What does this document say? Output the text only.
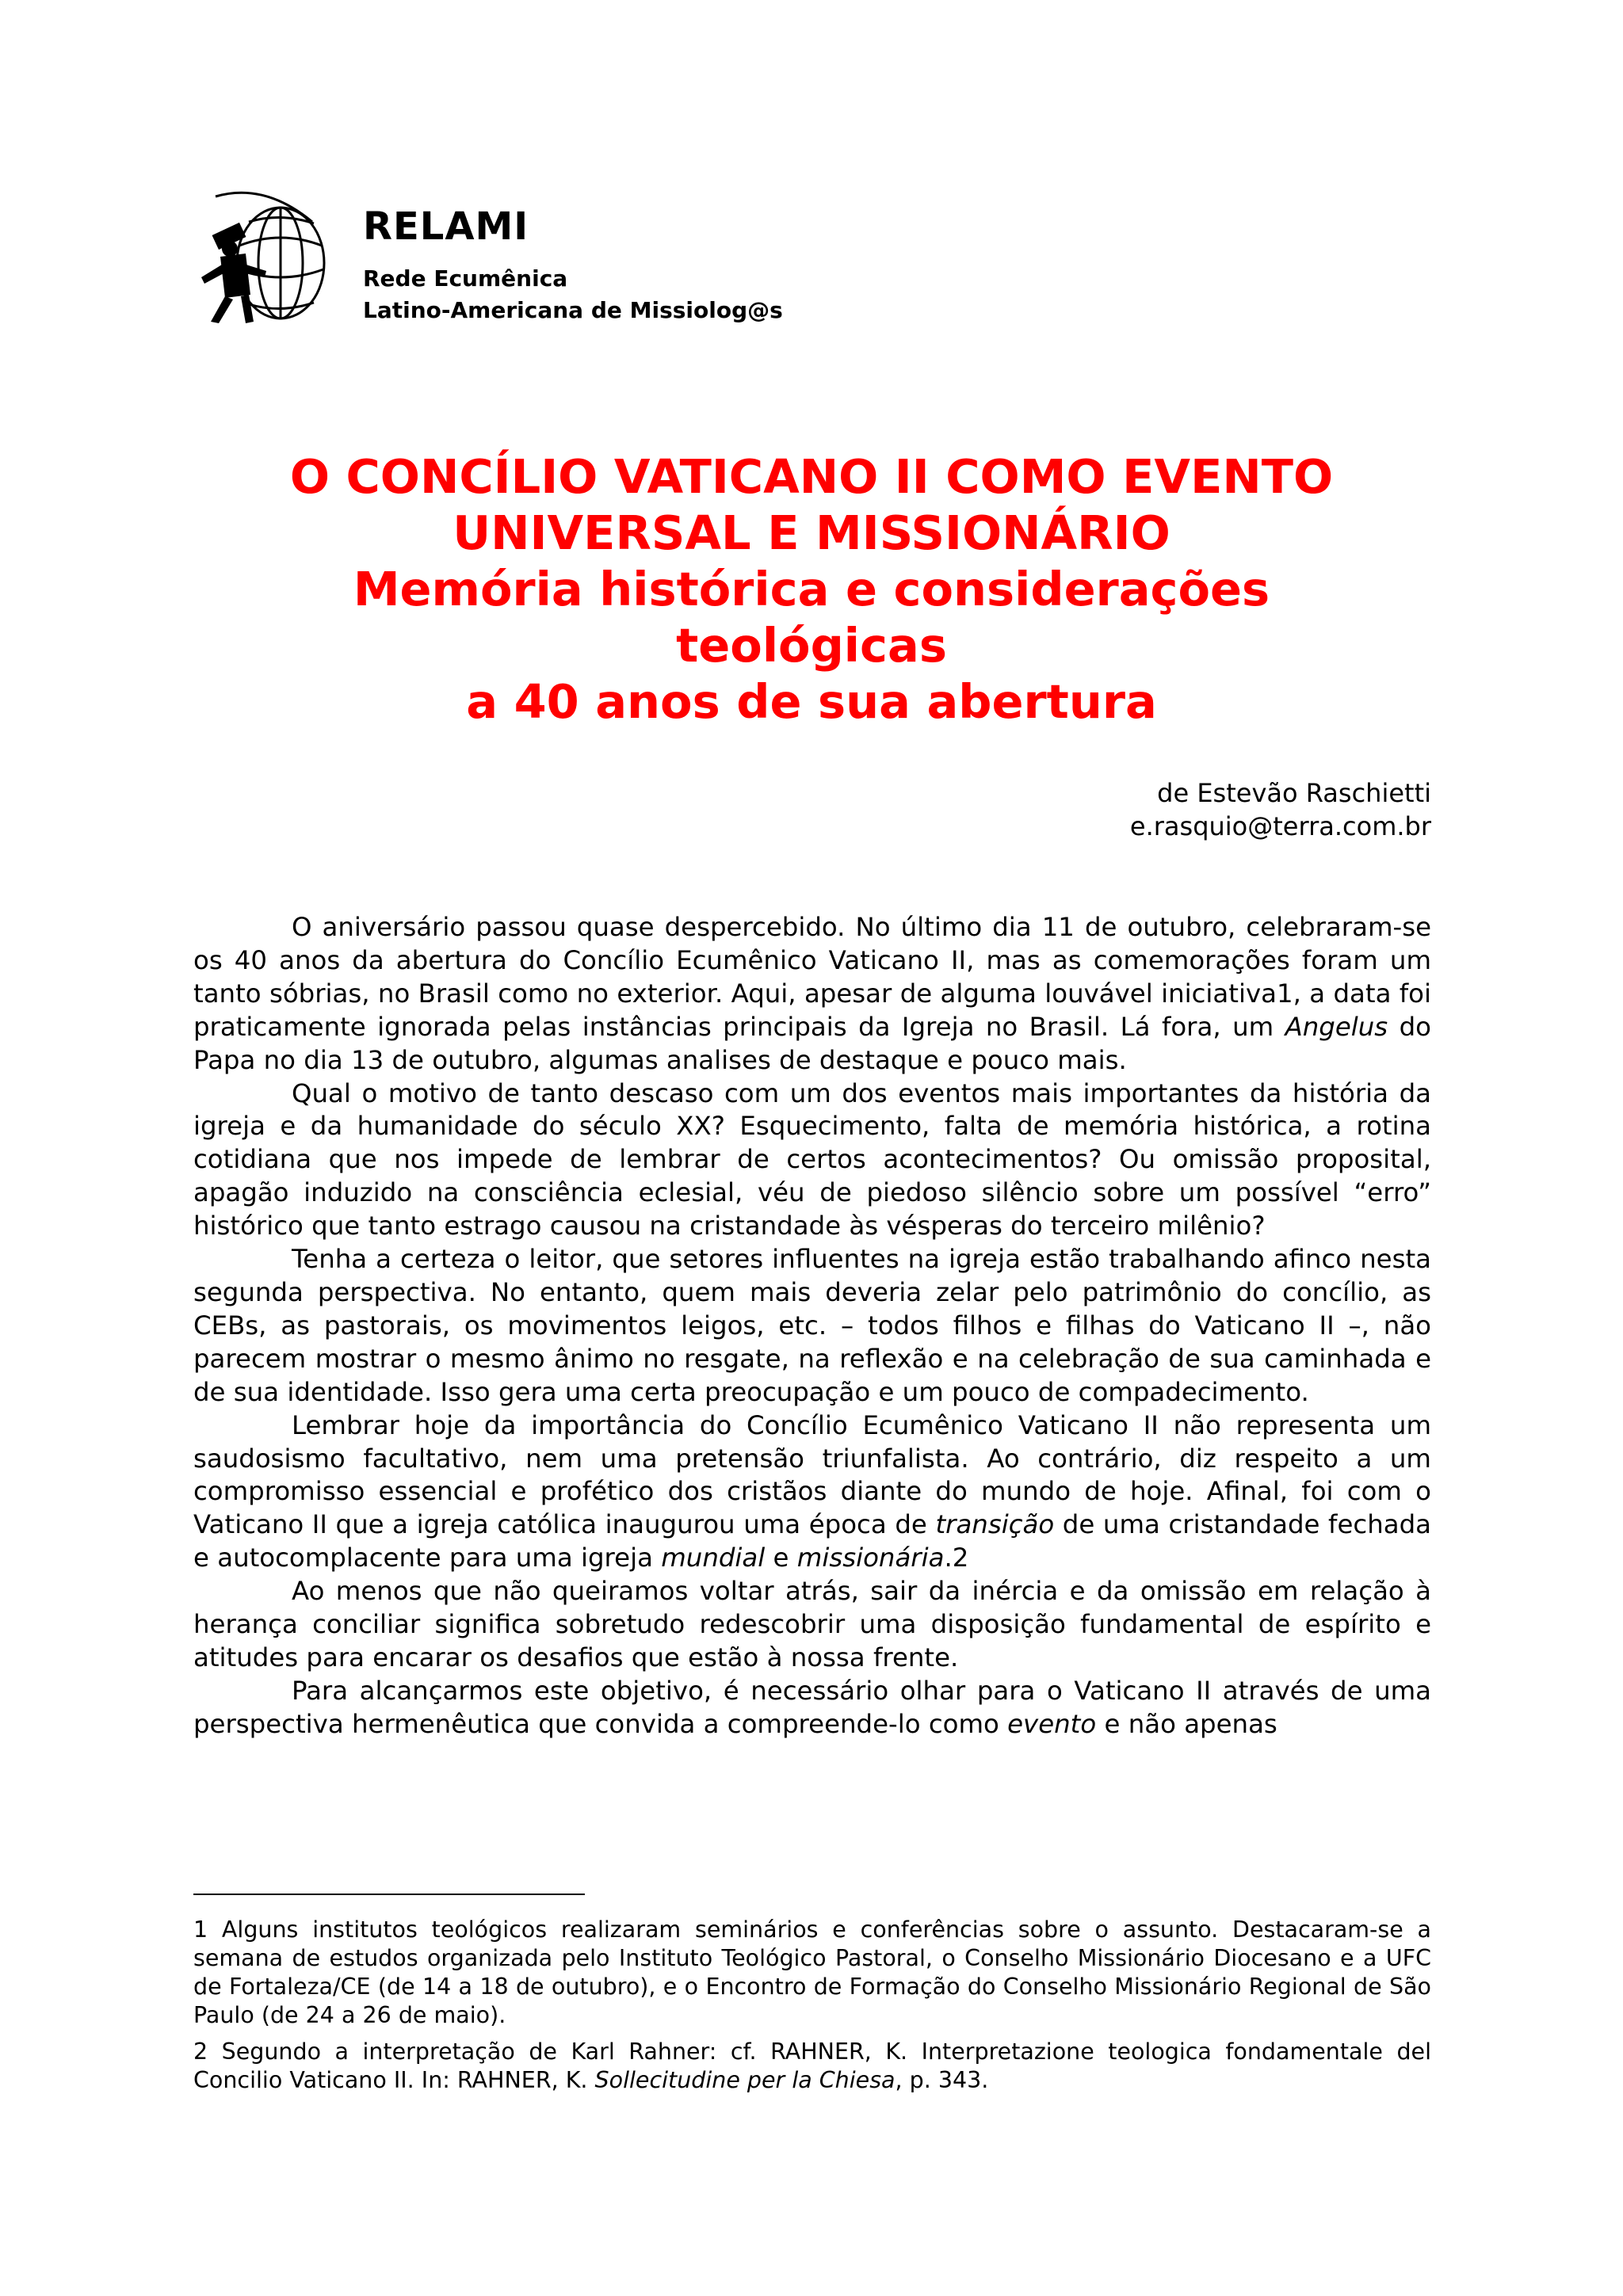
RELAMI
Rede Ecumênica
Latino-Americana de Missiolog@s
O CONCÍLIO VATICANO II COMO EVENTO
UNIVERSAL E MISSIONÁRIO
Memória histórica e considerações
teológicas
a 40 anos de sua abertura
de Estevão Raschietti
e.rasquio@terra.com.br

O aniversário passou quase despercebido. No último dia 11 de outubro, celebraram-se os 40 anos da abertura do Concílio Ecumênico Vaticano II, mas as comemorações foram um tanto sóbrias, no Brasil como no exterior. Aqui, apesar de alguma louvável iniciativa1, a data foi praticamente ignorada pelas instâncias principais da Igreja no Brasil. Lá fora, um Angelus do Papa no dia 13 de outubro, algumas analises de destaque e pouco mais.

Qual o motivo de tanto descaso com um dos eventos mais importantes da história da igreja e da humanidade do século XX? Esquecimento, falta de memória histórica, a rotina cotidiana que nos impede de lembrar de certos acontecimentos? Ou omissão proposital, apagão induzido na consciência eclesial, véu de piedoso silêncio sobre um possível “erro” histórico que tanto estrago causou na cristandade às vésperas do terceiro milênio?

Tenha a certeza o leitor, que setores influentes na igreja estão trabalhando afinco nesta segunda perspectiva. No entanto, quem mais deveria zelar pelo patrimônio do concílio, as CEBs, as pastorais, os movimentos leigos, etc. – todos filhos e filhas do Vaticano II –, não parecem mostrar o mesmo ânimo no resgate, na reflexão e na celebração de sua caminhada e de sua identidade. Isso gera uma certa preocupação e um pouco de compadecimento.

Lembrar hoje da importância do Concílio Ecumênico Vaticano II não representa um saudosismo facultativo, nem uma pretensão triunfalista. Ao contrário, diz respeito a um compromisso essencial e profético dos cristãos diante do mundo de hoje. Afinal, foi com o Vaticano II que a igreja católica inaugurou uma época de transição de uma cristandade fechada e autocomplacente para uma igreja mundial e missionária.2

Ao menos que não queiramos voltar atrás, sair da inércia e da omissão em relação à herança conciliar significa sobretudo redescobrir uma disposição fundamental de espírito e atitudes para encarar os desafios que estão à nossa frente.

Para alcançarmos este objetivo, é necessário olhar para o Vaticano II através de uma perspectiva hermenêutica que convida a compreende-lo como evento e não apenas

1 Alguns institutos teológicos realizaram seminários e conferências sobre o assunto. Destacaram-se a semana de estudos organizada pelo Instituto Teológico Pastoral, o Conselho Missionário Diocesano e a UFC de Fortaleza/CE (de 14 a 18 de outubro), e o Encontro de Formação do Conselho Missionário Regional de São Paulo (de 24 a 26 de maio).

2 Segundo a interpretação de Karl Rahner: cf. RAHNER, K. Interpretazione teologica fondamentale del Concilio Vaticano II. In: RAHNER, K. Sollecitudine per la Chiesa, p. 343.
